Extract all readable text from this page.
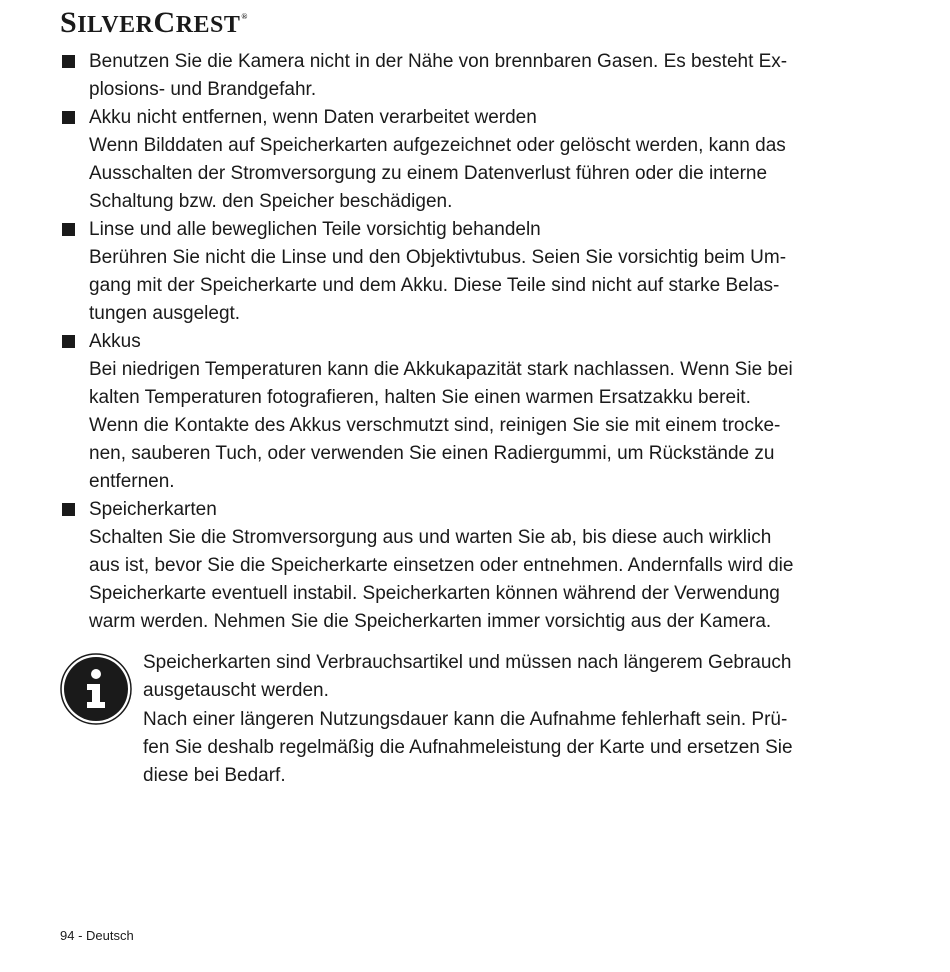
SILVERCREST®

Benutzen Sie die Kamera nicht in der Nähe von brennbaren Gasen. Es besteht Ex-

plosions- und Brandgefahr.

Akku nicht entfernen, wenn Daten verarbeitet werden

Wenn Bilddaten auf Speicherkarten aufgezeichnet oder gelöscht werden, kann das

Ausschalten der Stromversorgung zu einem Datenverlust führen oder die interne

Schaltung bzw. den Speicher beschädigen.

Linse und alle beweglichen Teile vorsichtig behandeln

Berühren Sie nicht die Linse und den Objektivtubus. Seien Sie vorsichtig beim Um-

gang mit der Speicherkarte und dem Akku. Diese Teile sind nicht auf starke Belas-

tungen ausgelegt.

Akkus

Bei niedrigen Temperaturen kann die Akkukapazität stark nachlassen. Wenn Sie bei

kalten Temperaturen fotografieren, halten Sie einen warmen Ersatzakku bereit.

Wenn die Kontakte des Akkus verschmutzt sind, reinigen Sie sie mit einem trocke-

nen, sauberen Tuch, oder verwenden Sie einen Radiergummi, um Rückstände zu

entfernen.

Speicherkarten

Schalten Sie die Stromversorgung aus und warten Sie ab, bis diese auch wirklich

aus ist, bevor Sie die Speicherkarte einsetzen oder entnehmen. Andernfalls wird die

Speicherkarte eventuell instabil. Speicherkarten können während der Verwendung

warm werden. Nehmen Sie die Speicherkarten immer vorsichtig aus der Kamera.

Speicherkarten sind Verbrauchsartikel und müssen nach längerem Gebrauch
ausgetauscht werden.

Nach einer längeren Nutzungsdauer kann die Aufnahme fehlerhaft sein. Prü-
fen Sie deshalb regelmäßig die Aufnahmeleistung der Karte und ersetzen Sie
diese bei Bedarf.

94 - Deutsch
